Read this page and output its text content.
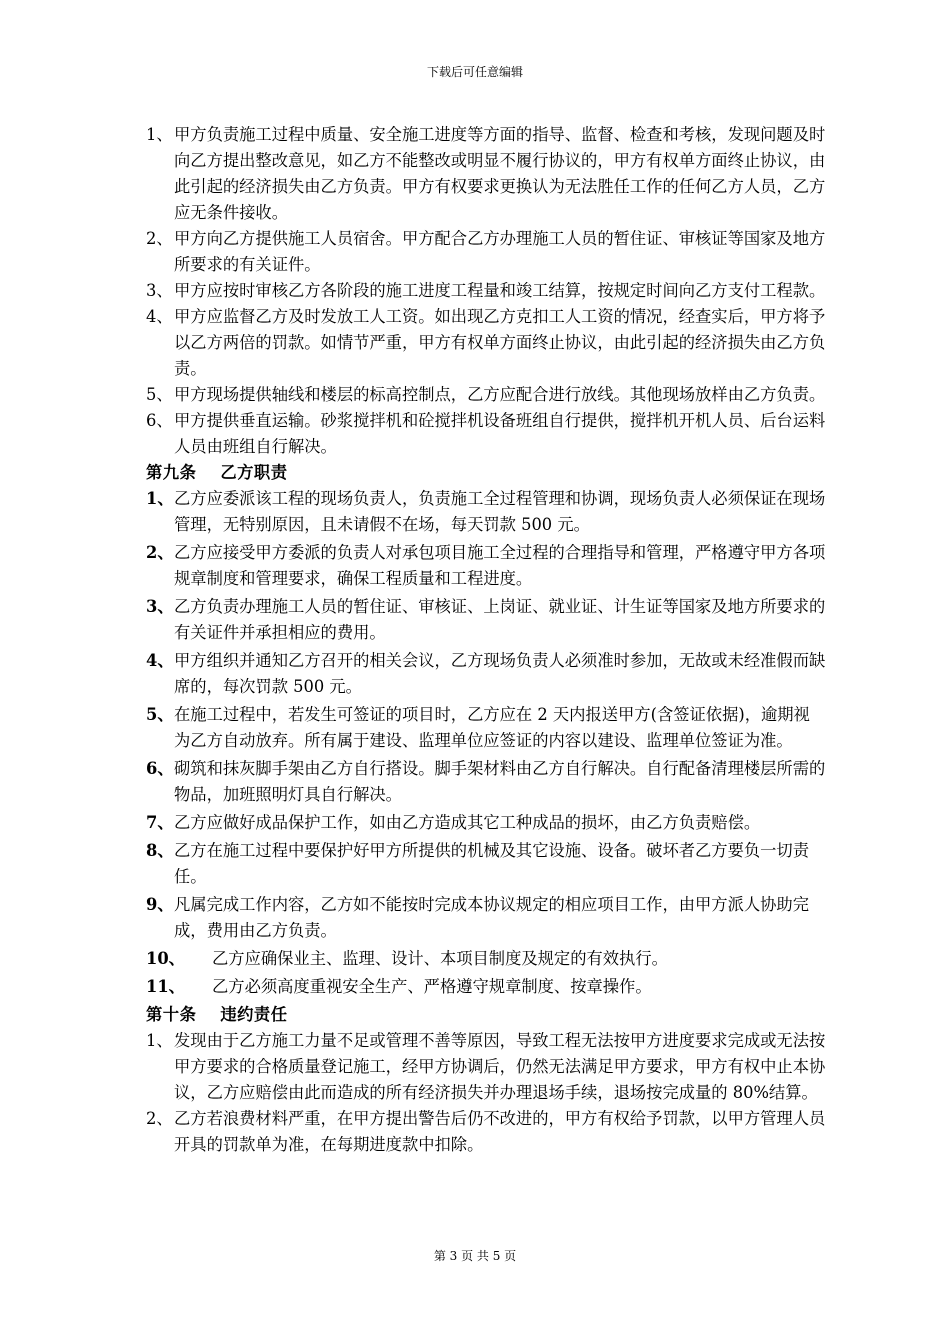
下载后可任意编辑

1、 甲方负责施工过程中质量、安全施工进度等方面的指导、监督、检查和考核，发现问题及时向乙方提出整改意见，如乙方不能整改或明显不履行协议的，甲方有权单方面终止协议，由此引起的经济损失由乙方负责。甲方有权要求更换认为无法胜任工作的任何乙方人员，乙方应无条件接收。

2、 甲方向乙方提供施工人员宿舍。甲方配合乙方办理施工人员的暂住证、审核证等国家及地方所要求的有关证件。

3、 甲方应按时审核乙方各阶段的施工进度工程量和竣工结算，按规定时间向乙方支付工程款。

4、 甲方应监督乙方及时发放工人工资。如出现乙方克扣工人工资的情况，经查实后，甲方将予以乙方两倍的罚款。如情节严重，甲方有权单方面终止协议，由此引起的经济损失由乙方负责。

5、 甲方现场提供轴线和楼层的标高控制点，乙方应配合进行放线。其他现场放样由乙方负责。

6、 甲方提供垂直运输。砂浆搅拌机和砼搅拌机设备班组自行提供，搅拌机开机人员、后台运料人员由班组自行解决。

第九条 乙方职责

1、 乙方应委派该工程的现场负责人，负责施工全过程管理和协调，现场负责人必须保证在现场管理，无特别原因，且未请假不在场，每天罚款 500 元。

2、 乙方应接受甲方委派的负责人对承包项目施工全过程的合理指导和管理，严格遵守甲方各项规章制度和管理要求，确保工程质量和工程进度。

3、 乙方负责办理施工人员的暂住证、审核证、上岗证、就业证、计生证等国家及地方所要求的有关证件并承担相应的费用。

4、 甲方组织并通知乙方召开的相关会议，乙方现场负责人必须准时参加，无故或未经准假而缺席的，每次罚款 500 元。

5、 在施工过程中，若发生可签证的项目时，乙方应在 2 天内报送甲方(含签证依据)，逾期视为乙方自动放弃。所有属于建设、监理单位应签证的内容以建设、监理单位签证为准。

6、 砌筑和抹灰脚手架由乙方自行搭设。脚手架材料由乙方自行解决。自行配备清理楼层所需的物品，加班照明灯具自行解决。

7、 乙方应做好成品保护工作，如由乙方造成其它工种成品的损坏，由乙方负责赔偿。

8、 乙方在施工过程中要保护好甲方所提供的机械及其它设施、设备。破坏者乙方要负一切责任。

9、 凡属完成工作内容，乙方如不能按时完成本协议规定的相应项目工作，由甲方派人协助完成，费用由乙方负责。

10、	乙方应确保业主、监理、设计、本项目制度及规定的有效执行。

11、	乙方必须高度重视安全生产、严格遵守规章制度、按章操作。

第十条 违约责任

1、 发现由于乙方施工力量不足或管理不善等原因，导致工程无法按甲方进度要求完成或无法按甲方要求的合格质量登记施工，经甲方协调后，仍然无法满足甲方要求，甲方有权中止本协议，乙方应赔偿由此而造成的所有经济损失并办理退场手续，退场按完成量的 80%结算。

2、 乙方若浪费材料严重，在甲方提出警告后仍不改进的，甲方有权给予罚款，以甲方管理人员开具的罚款单为准，在每期进度款中扣除。

第 3 页 共 5 页
